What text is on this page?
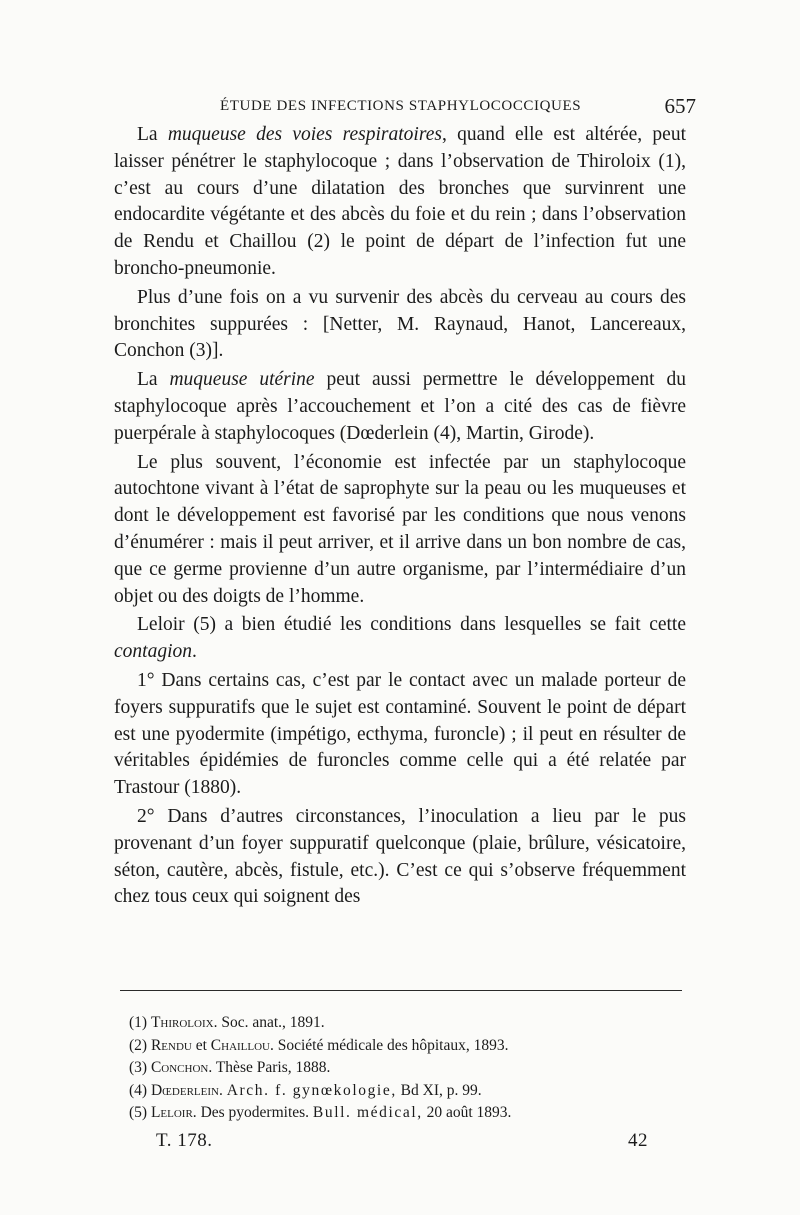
ÉTUDE DES INFECTIONS STAPHYLOCOCCIQUES	657

La muqueuse des voies respiratoires, quand elle est altérée, peut laisser pénétrer le staphylocoque ; dans l’observation de Thiroloix (1), c’est au cours d’une dilatation des bronches que survinrent une endocardite végétante et des abcès du foie et du rein ; dans l’observation de Rendu et Chaillou (2) le point de départ de l’infection fut une broncho-pneumonie.

Plus d’une fois on a vu survenir des abcès du cerveau au cours des bronchites suppurées : [Netter, M. Raynaud, Hanot, Lancereaux, Conchon (3)].

La muqueuse utérine peut aussi permettre le développement du staphylocoque après l’accouchement et l’on a cité des cas de fièvre puerpérale à staphylocoques (Dœderlein (4), Martin, Girode).

Le plus souvent, l’économie est infectée par un staphylocoque autochtone vivant à l’état de saprophyte sur la peau ou les muqueuses et dont le développement est favorisé par les conditions que nous venons d’énumérer : mais il peut arriver, et il arrive dans un bon nombre de cas, que ce germe provienne d’un autre organisme, par l’intermédiaire d’un objet ou des doigts de l’homme.

Leloir (5) a bien étudié les conditions dans lesquelles se fait cette contagion.

1° Dans certains cas, c’est par le contact avec un malade porteur de foyers suppuratifs que le sujet est contaminé. Souvent le point de départ est une pyodermite (impétigo, ecthyma, furoncle) ; il peut en résulter de véritables épidémies de furoncles comme celle qui a été relatée par Trastour (1880).

2° Dans d’autres circonstances, l’inoculation a lieu par le pus provenant d’un foyer suppuratif quelconque (plaie, brûlure, vésicatoire, séton, cautère, abcès, fistule, etc.). C’est ce qui s’observe fréquemment chez tous ceux qui soignent des

(1) Thiroloix. Soc. anat., 1891.
(2) Rendu et Chaillou. Société médicale des hôpitaux, 1893.
(3) Conchon. Thèse Paris, 1888.
(4) Dœderlein. Arch. f. gynœkologie, Bd XI, p. 99.
(5) Leloir. Des pyodermites. Bull. médical, 20 août 1893.
T. 178.	42
